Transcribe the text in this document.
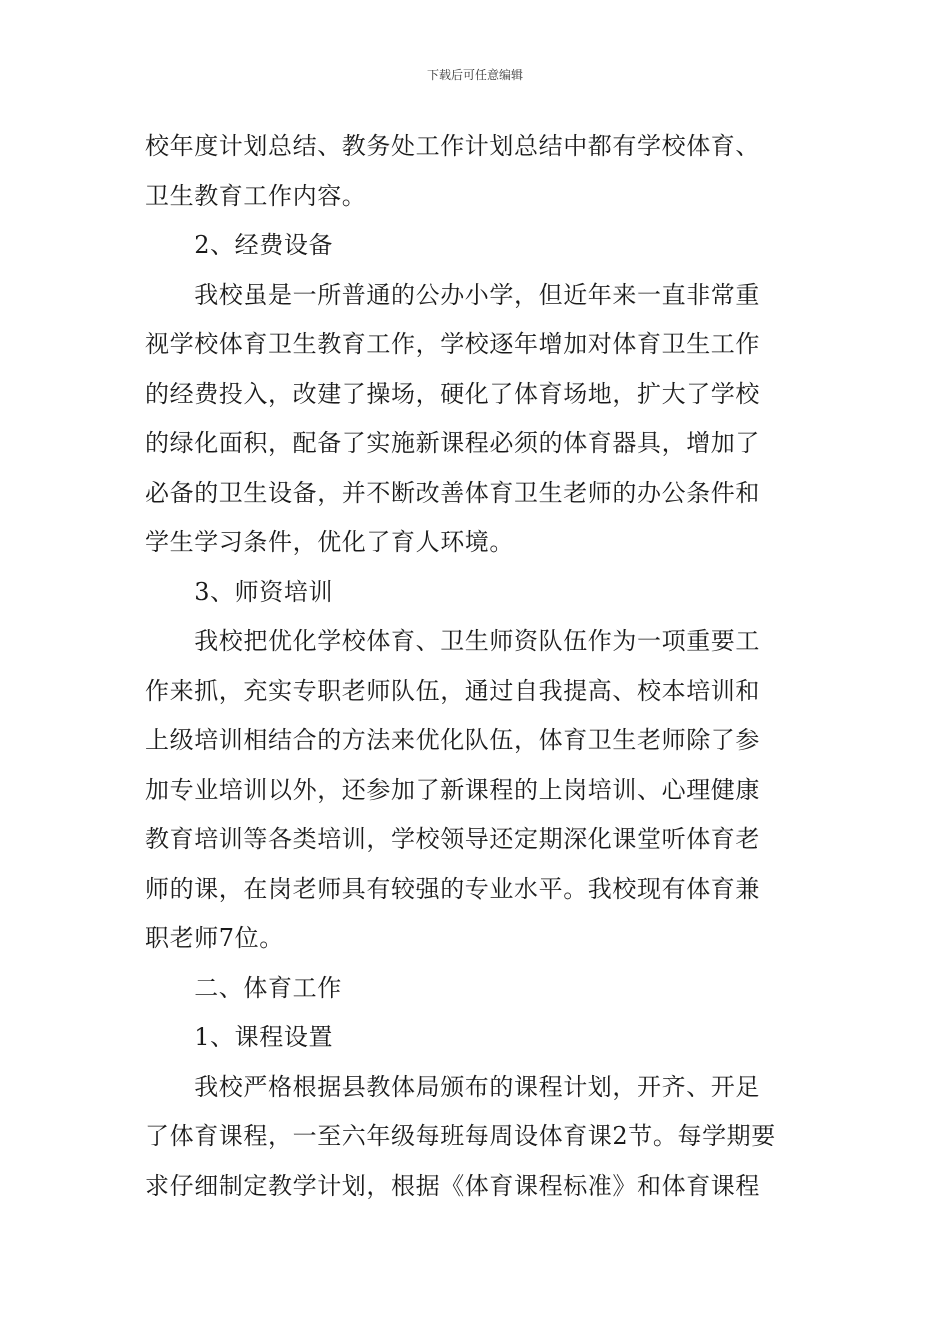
下载后可任意编辑

校年度计划总结、教务处工作计划总结中都有学校体育、

卫生教育工作内容。

　　2、经费设备

　　我校虽是一所普通的公办小学，但近年来一直非常重

视学校体育卫生教育工作，学校逐年增加对体育卫生工作

的经费投入，改建了操场，硬化了体育场地，扩大了学校

的绿化面积，配备了实施新课程必须的体育器具，增加了

必备的卫生设备，并不断改善体育卫生老师的办公条件和

学生学习条件，优化了育人环境。

　　3、师资培训

　　我校把优化学校体育、卫生师资队伍作为一项重要工

作来抓，充实专职老师队伍，通过自我提高、校本培训和

上级培训相结合的方法来优化队伍，体育卫生老师除了参

加专业培训以外，还参加了新课程的上岗培训、心理健康

教育培训等各类培训，学校领导还定期深化课堂听体育老

师的课，在岗老师具有较强的专业水平。我校现有体育兼

职老师7位。

　　二、体育工作

　　1、课程设置

　　我校严格根据县教体局颁布的课程计划，开齐、开足

了体育课程，一至六年级每班每周设体育课2节。每学期要

求仔细制定教学计划，根据《体育课程标准》和体育课程
